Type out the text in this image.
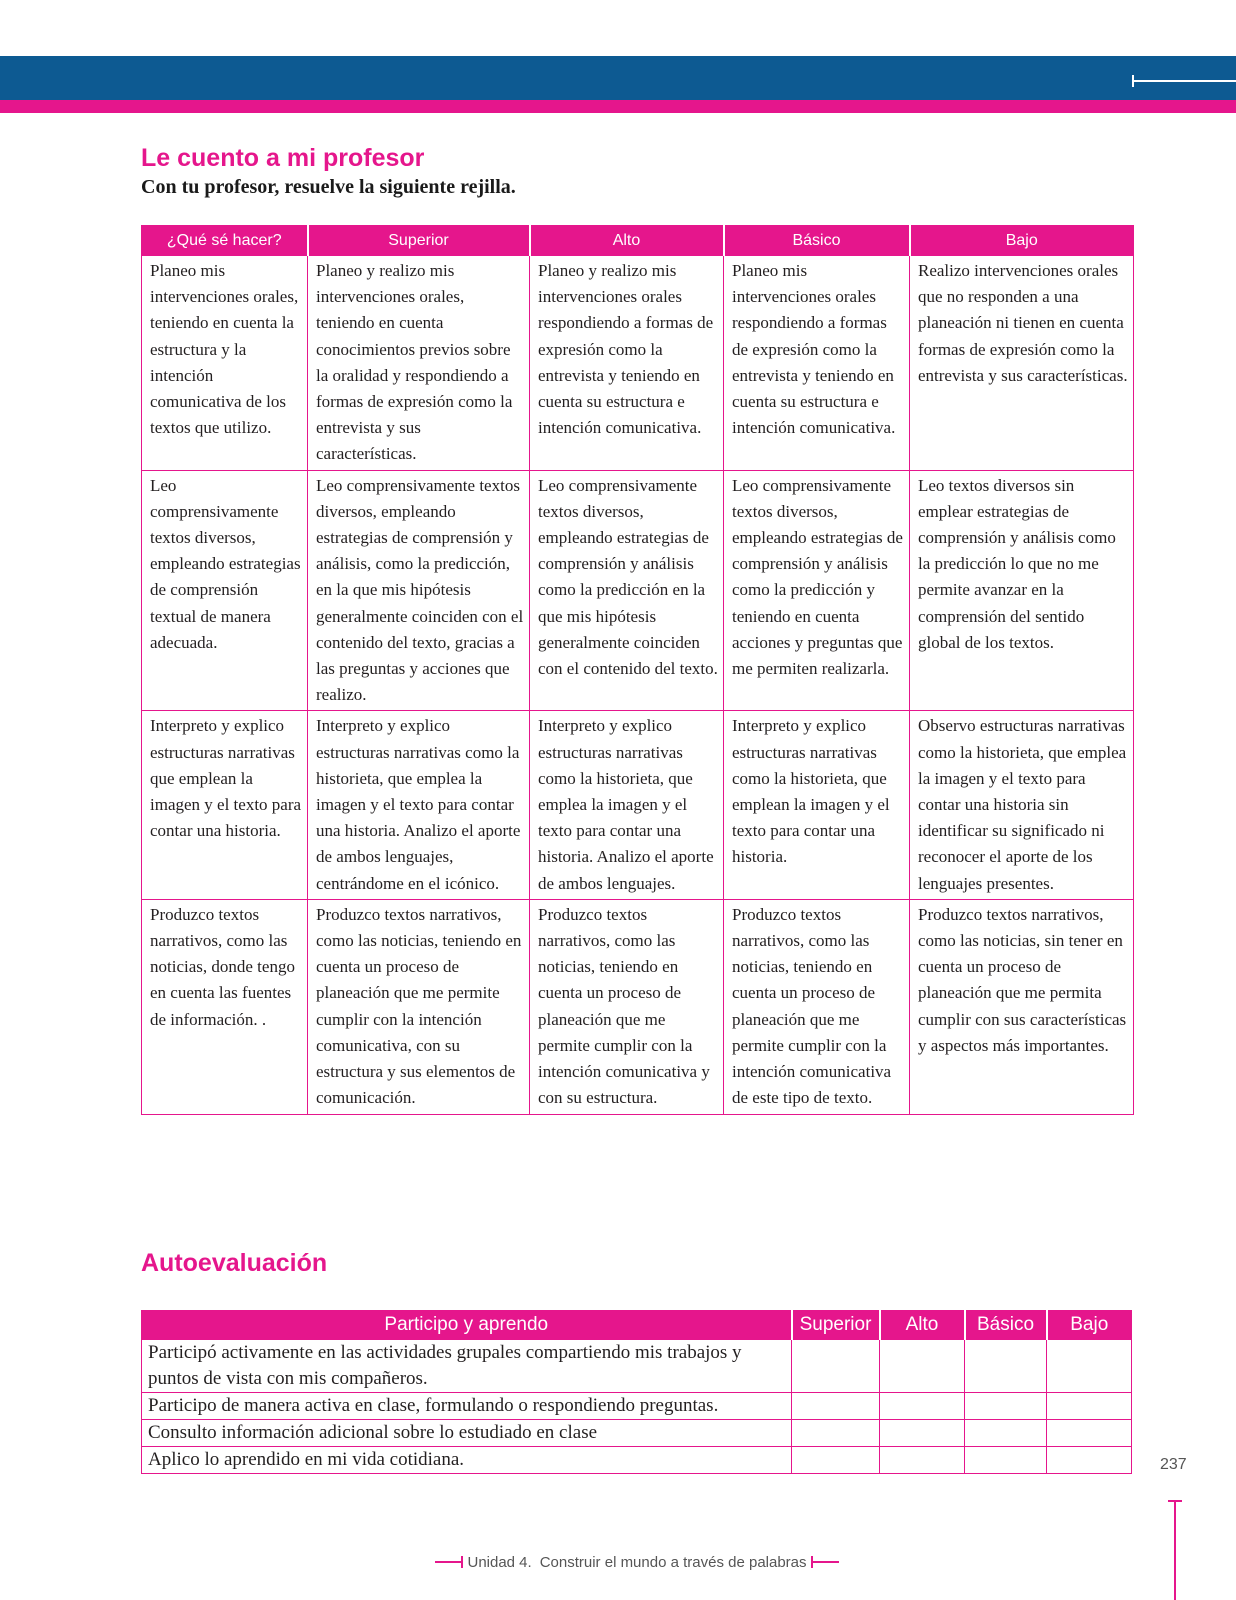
Le cuento a mi profesor

Con tu profesor, resuelve la siguiente rejilla.

¿Qué sé hacer?	Superior	Alto	Básico	Bajo
Planeo mis intervenciones orales, teniendo en cuenta la estructura y la intención comunicativa de los textos que utilizo.	Planeo y realizo mis intervenciones orales, teniendo en cuenta conocimientos previos sobre la oralidad y respondiendo a formas de expresión como la entrevista y sus características.	Planeo y realizo mis intervenciones orales respondiendo a formas de expresión como la entrevista y teniendo en cuenta su estructura e intención comunicativa.	Planeo mis intervenciones orales respondiendo a formas de expresión como la entrevista y teniendo en cuenta su estructura e intención comunicativa.	Realizo intervenciones orales que no responden a una planeación ni tienen en cuenta formas de expresión como la entrevista y sus características.
Leo comprensivamente textos diversos, empleando estrategias de comprensión textual de manera adecuada.	Leo comprensivamente textos diversos, empleando estrategias de comprensión y análisis, como la predicción, en la que mis hipótesis generalmente coinciden con el contenido del texto, gracias a las preguntas y acciones que realizo.	Leo comprensivamente textos diversos, empleando estrategias de comprensión y análisis como la predicción en la que mis hipótesis generalmente coinciden con el contenido del texto.	Leo comprensivamente textos diversos, empleando estrategias de comprensión y análisis como la predicción y teniendo en cuenta acciones y preguntas que me permiten realizarla.	Leo textos diversos sin emplear estrategias de comprensión y análisis como la predicción lo que no me permite avanzar en la comprensión del sentido global de los textos.
Interpreto y explico estructuras narrativas que emplean la imagen y el texto para contar una historia.	Interpreto y explico estructuras narrativas como la historieta, que emplea la imagen y el texto para contar una historia. Analizo el aporte de ambos lenguajes, centrándome en el icónico.	Interpreto y explico estructuras narrativas como la historieta, que emplea la imagen y el texto para contar una historia. Analizo el aporte de ambos lenguajes.	Interpreto y explico estructuras narrativas como la historieta, que emplean la imagen y el texto para contar una historia.	Observo estructuras narrativas como la historieta, que emplea la imagen y el texto para contar una historia sin identificar su significado ni reconocer el aporte de los lenguajes presentes.
Produzco textos narrativos, como las noticias, donde tengo en cuenta las fuentes de información. .	Produzco textos narrativos, como las noticias, teniendo en cuenta un proceso de planeación que me permite cumplir con la intención comunicativa, con su estructura y sus elementos de comunicación.	Produzco textos narrativos, como las noticias, teniendo en cuenta un proceso de planeación que me permite cumplir con la intención comunicativa y con su estructura.	Produzco textos narrativos, como las noticias, teniendo en cuenta un proceso de planeación que me permite cumplir con la intención comunicativa de este tipo de texto.	Produzco textos narrativos, como las noticias, sin tener en cuenta un proceso de planeación que me permita cumplir con sus características y aspectos más importantes.
Autoevaluación
Participo y aprendo	Superior	Alto	Básico	Bajo
Participó activamente en las actividades grupales compartiendo mis trabajos y puntos de vista con mis compañeros.				
Participo de manera activa en clase, formulando o respondiendo preguntas.				
Consulto información adicional sobre lo estudiado en clase				
Aplico lo aprendido en mi vida cotidiana.					237

Unidad 4. Construir el mundo a través de palabras
